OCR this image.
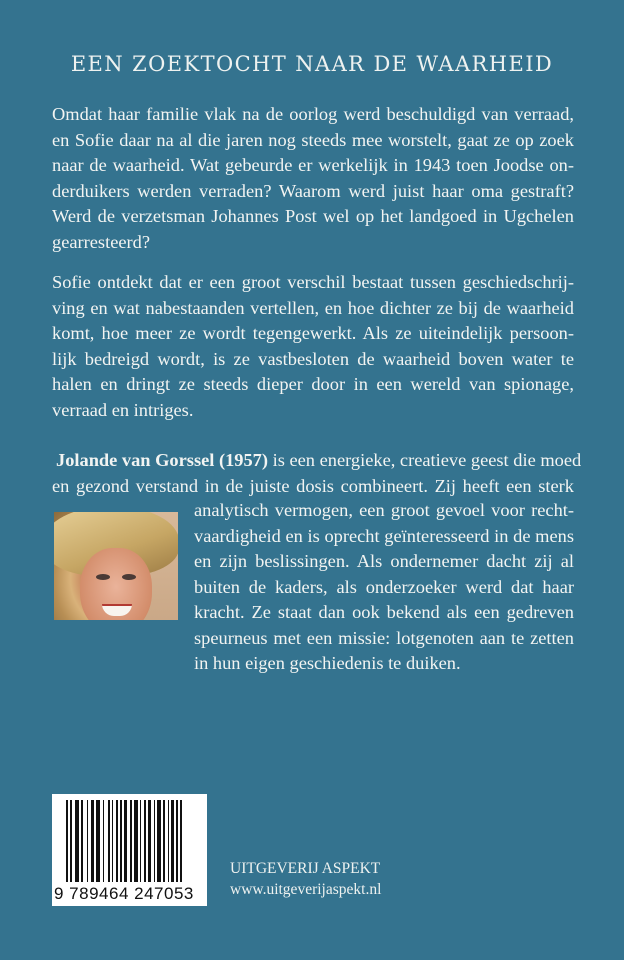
EEN ZOEKTOCHT NAAR DE WAARHEID
Omdat haar familie vlak na de oorlog werd beschuldigd van verraad,
en Sofie daar na al die jaren nog steeds mee worstelt, gaat ze op zoek
naar de waarheid. Wat gebeurde er werkelijk in 1943 toen Joodse on-
derduikers werden verraden? Waarom werd juist haar oma gestraft?
Werd de verzetsman Johannes Post wel op het landgoed in Ugchelen
gearresteerd?
Sofie ontdekt dat er een groot verschil bestaat tussen geschiedschrij-
ving en wat nabestaanden vertellen, en hoe dichter ze bij de waarheid
komt, hoe meer ze wordt tegengewerkt. Als ze uiteindelijk persoon-
lijk bedreigd wordt, is ze vastbesloten de waarheid boven water te
halen en dringt ze steeds dieper door in een wereld van spionage,
verraad en intriges.
Jolande van Gorssel (1957) is een energieke, creatieve geest die moed
en gezond verstand in de juiste dosis combineert. Zij heeft een sterk
analytisch vermogen, een groot gevoel voor recht-
vaardigheid en is oprecht geïnteresseerd in de mens
en zijn beslissingen. Als ondernemer dacht zij al
buiten de kaders, als onderzoeker werd dat haar
kracht. Ze staat dan ook bekend als een gedreven
speurneus met een missie: lotgenoten aan te zetten
in hun eigen geschiedenis te duiken.
9 789464 247053
UITGEVERIJ ASPEKT
www.uitgeverijaspekt.nl
